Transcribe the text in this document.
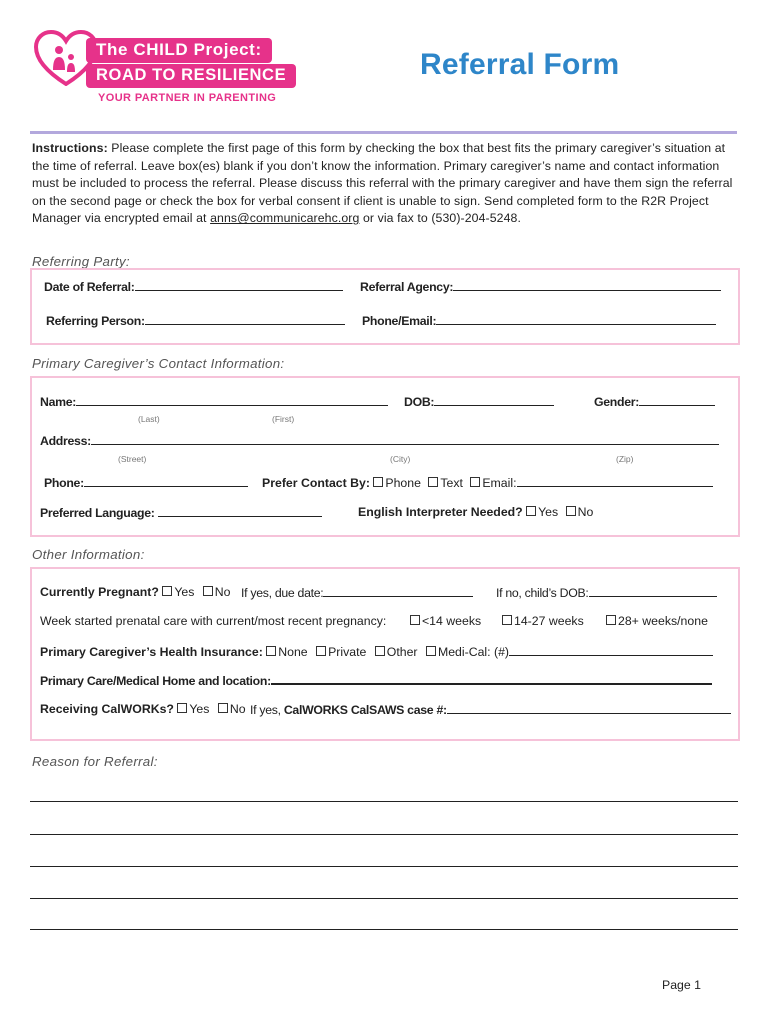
The CHILD Project:
ROAD TO RESILIENCE
YOUR PARTNER IN PARENTING
Referral Form
Instructions: Please complete the first page of this form by checking the box that best fits the primary caregiver’s situation at the time of referral. Leave box(es) blank if you don’t know the information. Primary caregiver’s name and contact information must be included to process the referral. Please discuss this referral with the primary caregiver and have them sign the referral on the second page or check the box for verbal consent if client is unable to sign. Send completed form to the R2R Project Manager via encrypted email at anns@communicarehc.org or via fax to (530)-204-5248.
Referring Party:
Date of Referral:	Referral Agency:
Referring Person:	Phone/Email:
Primary Caregiver’s Contact Information:
Name:	DOB:	Gender:
(Last)	(First)
Address:
(Street)	(City)	(Zip)
Phone:	Prefer Contact By: Phone Text Email:
Preferred Language:	English Interpreter Needed? Yes No
Other Information:
Currently Pregnant? Yes No If yes, due date:	If no, child’s DOB:
Week started prenatal care with current/most recent pregnancy:	<14 weeks	14-27 weeks	28+ weeks/none
Primary Caregiver’s Health Insurance: None Private Other Medi-Cal: (#)
Primary Care/Medical Home and location:
Receiving CalWORKs? Yes No If yes, CalWORKS CalSAWS case #:
Reason for Referral:
Page 1
